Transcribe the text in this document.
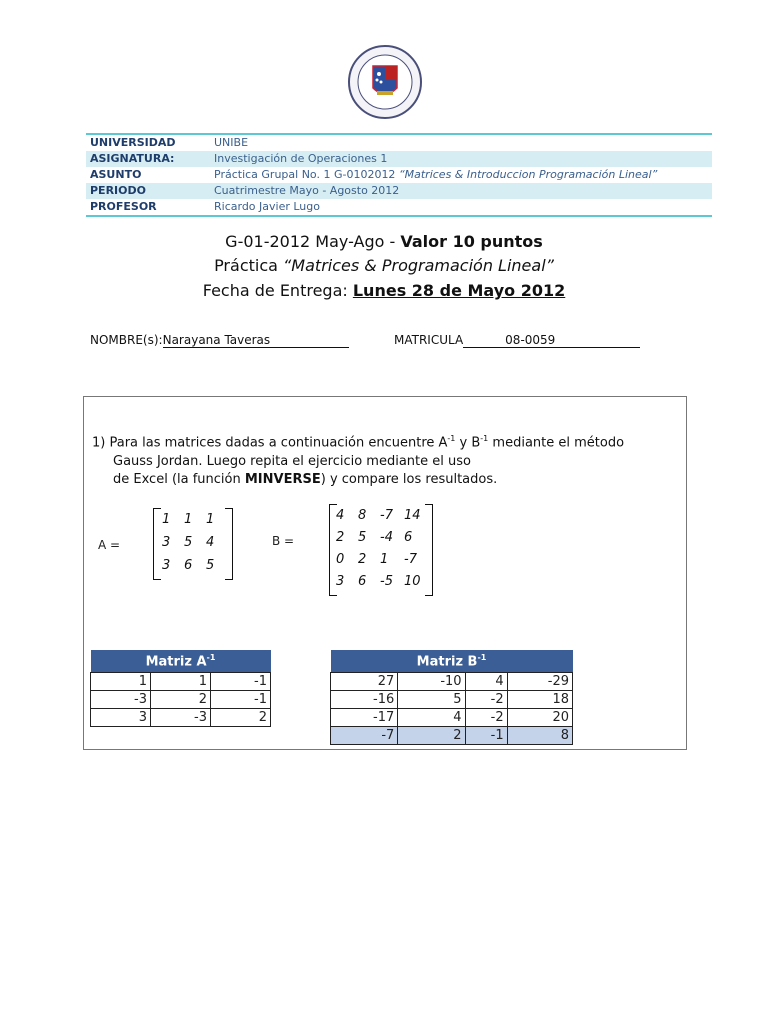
UNIVERSIDAD	UNIBE
ASIGNATURA:	Investigación de Operaciones 1
ASUNTO	Práctica Grupal No. 1 G-0102012 “Matrices & Introduccion Programación Lineal”
PERIODO	Cuatrimestre Mayo - Agosto 2012
PROFESOR	Ricardo Javier Lugo
G-01-2012 May-Ago - Valor 10 puntos
Práctica “Matrices & Programación Lineal”
Fecha de Entrega: Lunes 28 de Mayo 2012
NOMBRE(s):Narayana Taveras	MATRICULA	08-0059
1) Para las matrices dadas a continuación encuentre $A^{-1}$ y $B^{-1}$ mediante el método
Gauss Jordan. Luego repita el ejercicio mediante el uso
de Excel (la función MINVERSE) y compare los resultados.
A =
1 1 1
3 5 4
3 6 5
B =
4 8 -7 14
2 5 -4 6
0 2 1 -7
3 6 -5 10
Matriz $A^{-1}$
1	1	-1
-3	2	-1
3	-3	2
Matriz $B^{-1}$
27	-10	4	-29
-16	5	-2	18
-17	4	-2	20
-7	2	-1	8
